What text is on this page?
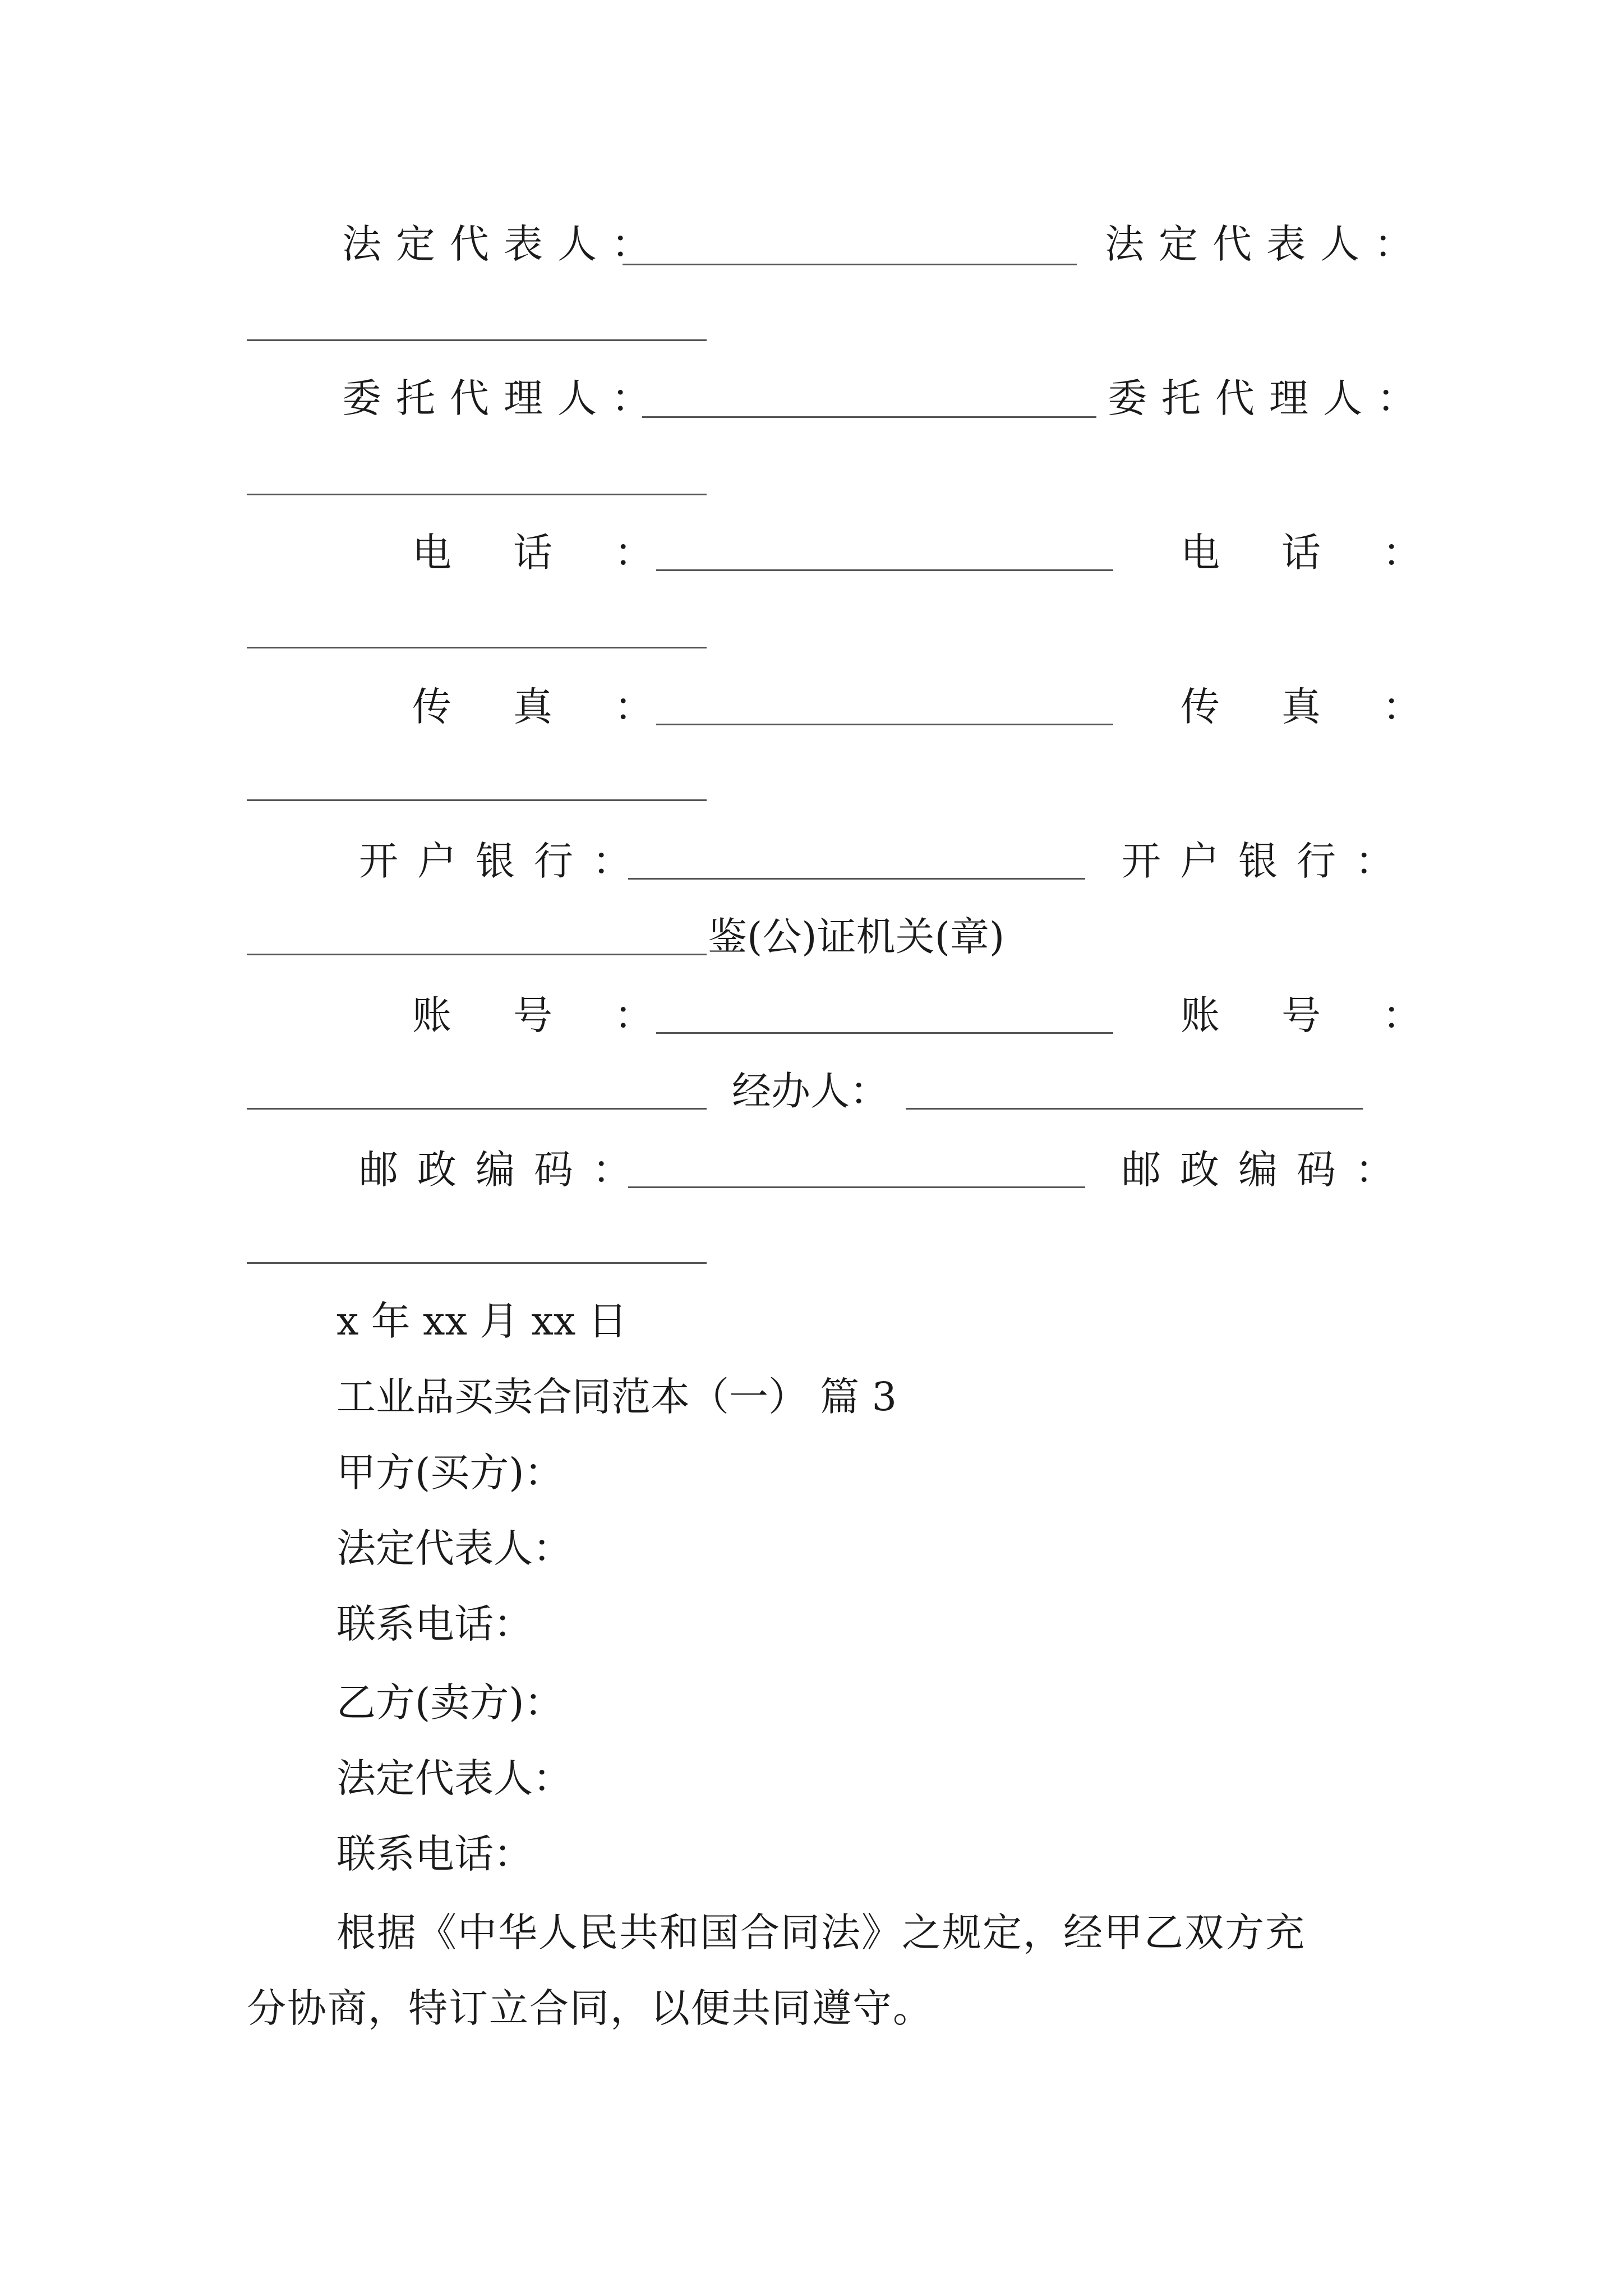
法定代表人：	法定代表人：
委托代理人：	委托代理人：
电话：	电话：
传真：	传真：
开户银行：	开户银行：
鉴(公)证机关(章)
账号：	账号：
经办人：
邮政编码：	邮政编码：
x 年 xx 月 xx 日
工业品买卖合同范本（一） 篇 3
甲方(买方)：
法定代表人：
联系电话：
乙方(卖方)：
法定代表人：
联系电话：
根据《中华人民共和国合同法》之规定，经甲乙双方充
分协商，特订立合同，以便共同遵守。
